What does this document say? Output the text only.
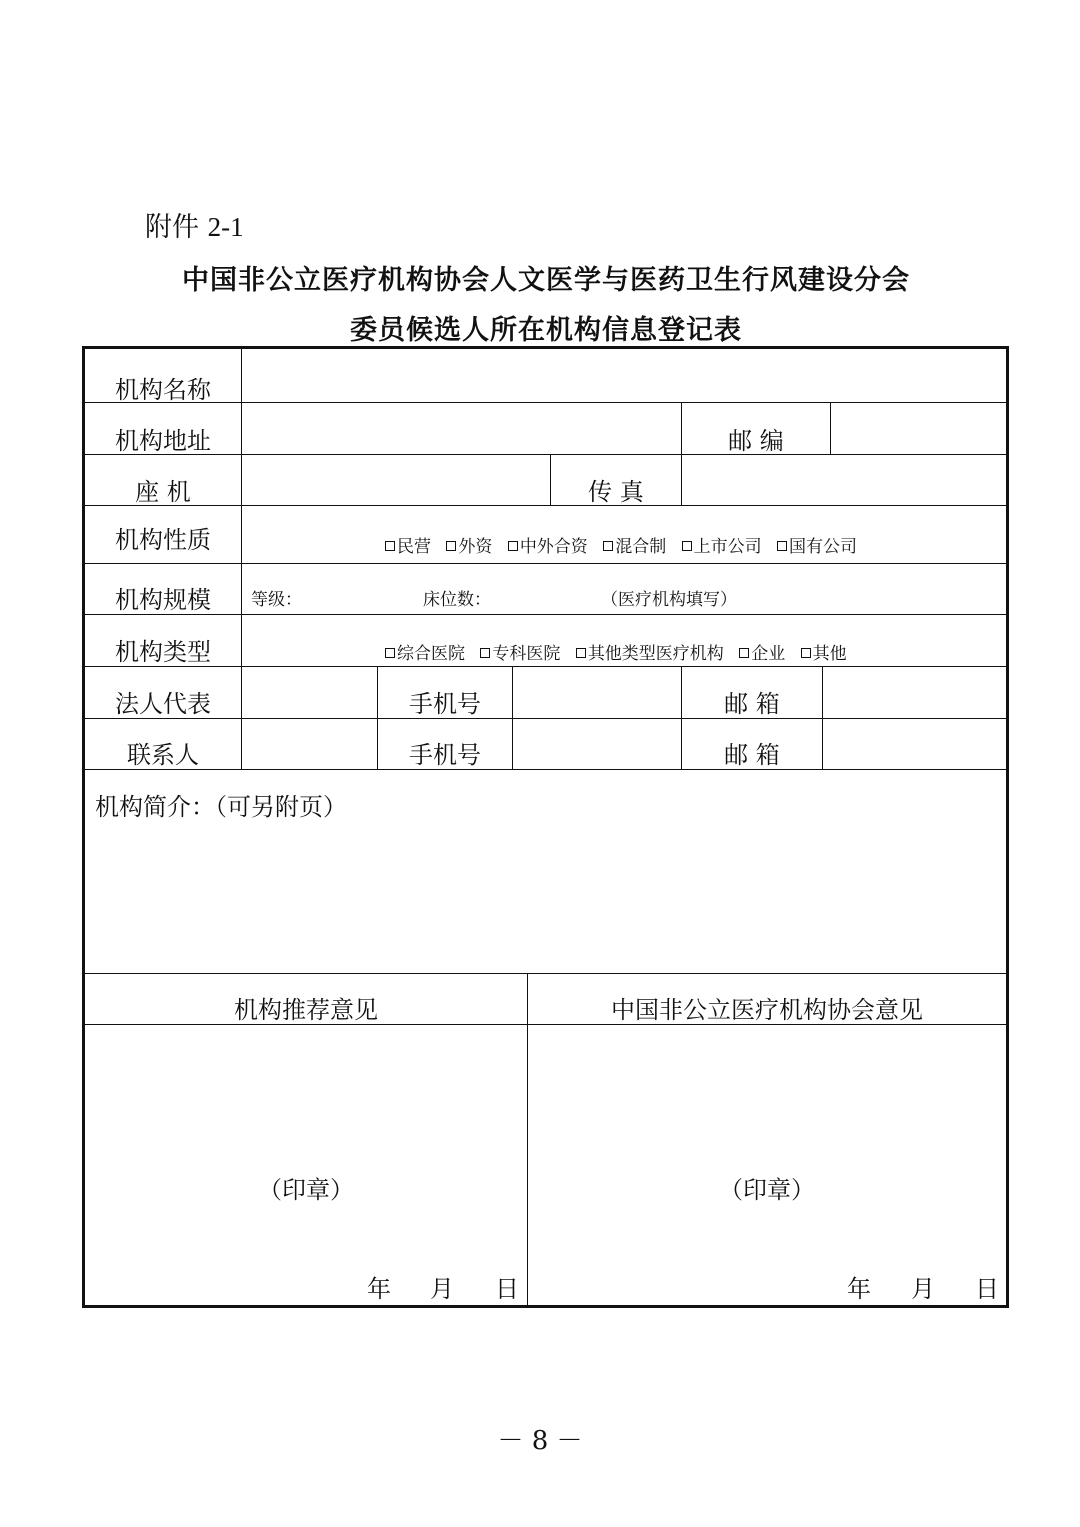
附件 2-1
中国非公立医疗机构协会人文医学与医药卫生行风建设分会
委员候选人所在机构信息登记表
机构名称
机构地址	邮 编
座 机	传 真
机构性质	民营 外资 中外合资 混合制 上市公司 国有公司
机构规模	等级：	床位数：	（医疗机构填写）
机构类型	综合医院 专科医院 其他类型医疗机构 企业 其他
法人代表	手机号	邮 箱
联系人	手机号	邮 箱
机构简介：（可另附页）
机构推荐意见	中国非公立医疗机构协会意见
（印章）	（印章）
年 月 日	年 月 日
－ 8 －
